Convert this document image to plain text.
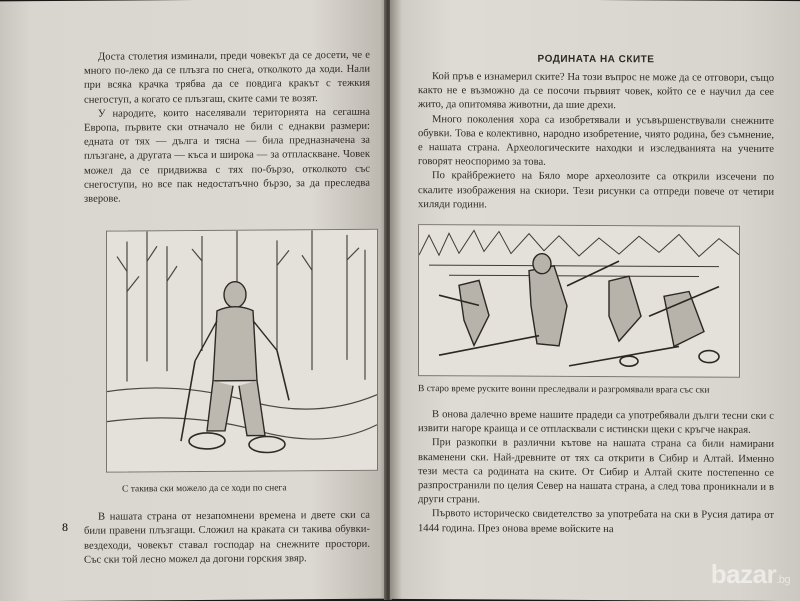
Доста столетия изминали, преди човекът да се досети, че е много по-леко да се плъзга по снега, отколкото да ходи. Нали при всяка крачка трябва да се повдига кракът с тежкия снегоступ, а когато се плъзгаш, ските сами те возят.

У народите, които населявали територията на сегашна Европа, първите ски отначало не били с еднакви размери: едната от тях — дълга и тясна — била предназначена за плъзгане, а другата — къса и широка — за отпласкване. Човек можел да се придвижва с тях по-бързо, отколкото със снегоступи, но все пак недостатъчно бързо, за да преследва зверове.

С такива ски можело да се ходи по снега

В нашата страна от незапомнени времена и двете ски са били правени плъзгащи. Сложил на краката си такива обувки-вездеходи, човекът ставал господар на снежните простори. Със ски той лесно можел да догони горския звяр.

8
РОДИНАТА НА СКИТЕ

Кой пръв е изнамерил ските? На този въпрос не може да се отговори, също както не е възможно да се посочи първият човек, който се е научил да сее жито, да опитомява животни, да шие дрехи.

Много поколения хора са изобретявали и усъвършенствували снежните обувки. Това е колективно, народно изобретение, чиято родина, без съмнение, е нашата страна. Археологическите находки и изследванията на учените говорят неоспоримо за това.

По крайбрежието на Бяло море археолозите са открили изсечени по скалите изображения на скиори. Тези рисунки са отпреди повече от четири хиляди години.

В старо време руските воини преследвали и разгромявали врага със ски

В онова далечно време нашите прадеди са употребявали дълги тесни ски с извити нагоре краища и се отпласквали с истински щеки с кръгче накрая.

При разкопки в различни кътове на нашата страна са били намирани вкаменени ски. Най-древните от тях са открити в Сибир и Алтай. Именно тези места са родината на ските. От Сибир и Алтай ските постепенно се разпространили по целия Север на нашата страна, а след това проникнали и в други страни.

Първото историческо свидетелство за употребата на ски в Русия датира от 1444 година. През онова време войските на

bazar.bg
